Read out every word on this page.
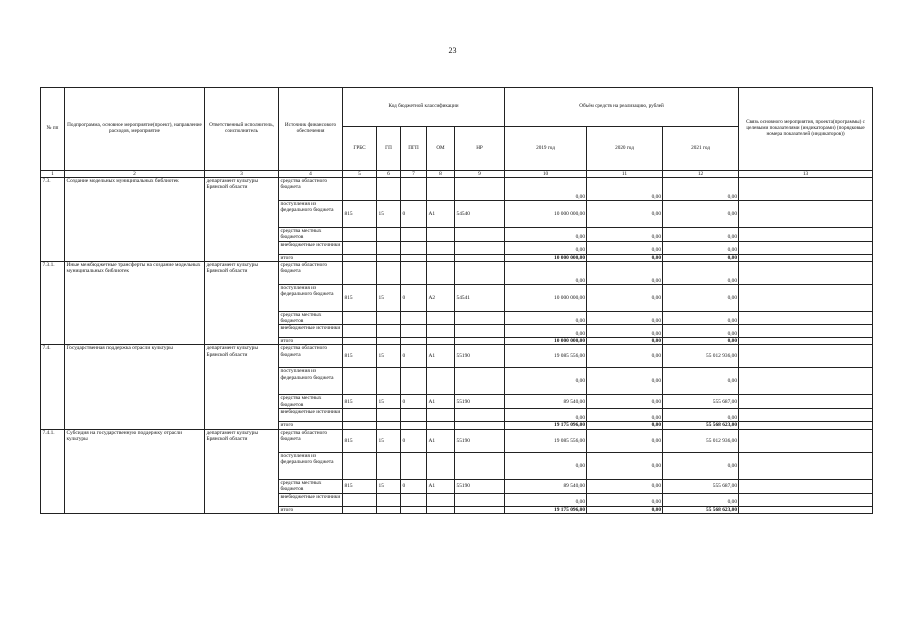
23
№ пп	Подпрограмма, основное мероприятие(проект), направление расходов, мероприятие	Ответственный исполнитель, соисполнитель	Источник финансового обеспечения	Код бюджетной классификации					Объём средств на реализацию, рублей			Связь основного мероприятия, проекта(программы) с целевыми показателями (индикаторами) (порядковые номера показателей (индикаторов))
				ГРБС	ГП	ПГП	ОМ	НР	2019 год	2020 год	2021 год	
1	2	3	4	5	6	7	8	9	10	11	12	13
7.3.	Создание модельных муниципальных библиотек	департамент культуры Брянской области	средства областного бюджета						0,00	0,00	0,00	
			поступления из федерального бюджета	815	15	0	А1	54540	10 000 000,00	0,00	0,00	
			средства местных бюджетов						0,00	0,00	0,00	
			внебюджетные источники						0,00	0,00	0,00	
			итого						10 000 000,00	0,00	0,00	
7.3.1.	Иные межбюджетные трансферты на создание модельных муниципальных библиотек	департамент культуры Брянской области	средства областного бюджета						0,00	0,00	0,00	
			поступления из федерального бюджета	815	15	0	А2	54541	10 000 000,00	0,00	0,00	
			средства местных бюджетов						0,00	0,00	0,00	
			внебюджетные источники						0,00	0,00	0,00	
			итого						10 000 000,00	0,00	0,00	
7.4.	Государственная поддержка отрасли культуры	департамент культуры Брянской области	средства областного бюджета	815	15	0	А1	55190	19 085 556,00	0,00	55 012 936,00	
			поступления из федерального бюджета						0,00	0,00	0,00	
			средства местных бюджетов	815	15	0	А1	55190	89 540,00	0,00	555 687,00	
			внебюджетные источники						0,00	0,00	0,00	
			итого						19 175 096,00	0,00	55 568 623,00	
7.4.1.	Субсидия на государственную поддержку отрасли культуры	департамент культуры Брянской области	средства областного бюджета	815	15	0	А1	55190	19 085 556,00	0,00	55 012 936,00	
			поступления из федерального бюджета						0,00	0,00	0,00	
			средства местных бюджетов	815	15	0	А1	55190	89 540,00	0,00	555 687,00	
			внебюджетные источники						0,00	0,00	0,00	
			итого						19 175 096,00	0,00	55 568 623,00	
